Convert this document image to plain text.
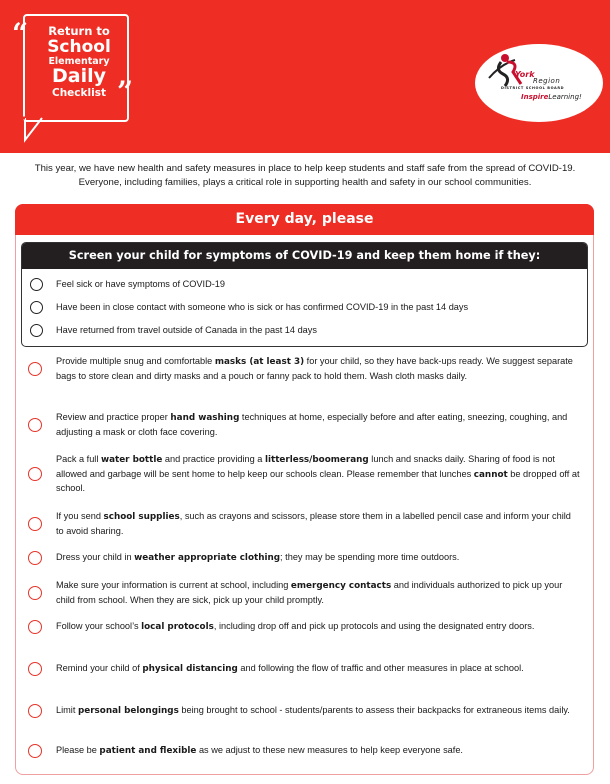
“	Return to
School
Elementary
Daily
Checklist ”
York
Region
DISTRICT SCHOOL BOARD
InspireLearning!
This year, we have new health and safety measures in place to help keep students and staff safe from the spread of COVID-19. Everyone, including families, plays a critical role in supporting health and safety in our school communities.
Every day, please
Screen your child for symptoms of COVID-19 and keep them home if they:
Feel sick or have symptoms of COVID-19
Have been in close contact with someone who is sick or has confirmed COVID-19 in the past 14 days
Have returned from travel outside of Canada in the past 14 days
Provide multiple snug and comfortable masks (at least 3) for your child, so they have back-ups ready. We suggest separate bags to store clean and dirty masks and a pouch or fanny pack to hold them. Wash cloth masks daily.
Review and practice proper hand washing techniques at home, especially before and after eating, sneezing, coughing, and adjusting a mask or cloth face covering.
Pack a full water bottle and practice providing a litterless/boomerang lunch and snacks daily. Sharing of food is not allowed and garbage will be sent home to help keep our schools clean. Please remember that lunches cannot be dropped off at school.
If you send school supplies, such as crayons and scissors, please store them in a labelled pencil case and inform your child to avoid sharing.
Dress your child in weather appropriate clothing; they may be spending more time outdoors.
Make sure your information is current at school, including emergency contacts and individuals authorized to pick up your child from school. When they are sick, pick up your child promptly.
Follow your school’s local protocols, including drop off and pick up protocols and using the designated entry doors.
Remind your child of physical distancing and following the flow of traffic and other measures in place at school.
Limit personal belongings being brought to school - students/parents to assess their backpacks for extraneous items daily.
Please be patient and flexible as we adjust to these new measures to help keep everyone safe.
